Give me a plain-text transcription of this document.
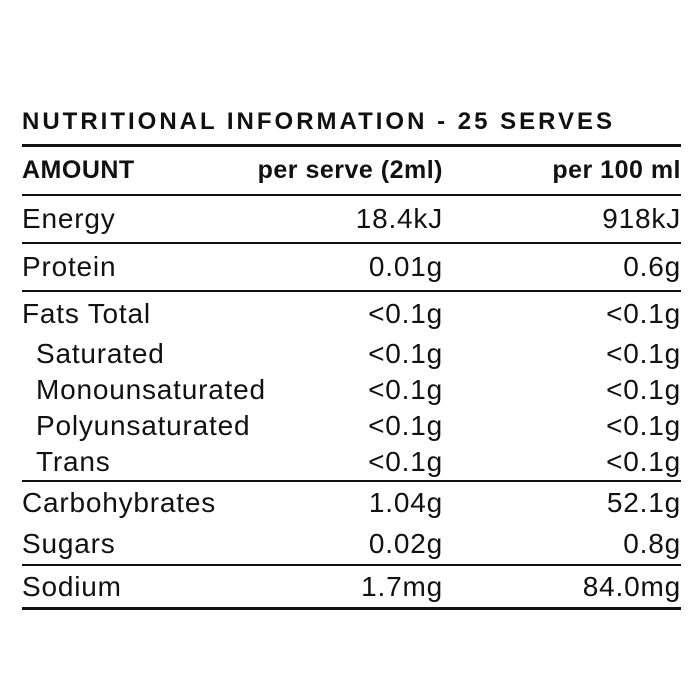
NUTRITIONAL INFORMATION - 25 SERVES
AMOUNT	per serve (2ml)	per 100 ml
Energy	18.4kJ	918kJ
Protein	0.01g	0.6g
Fats Total	<0.1g	<0.1g
Saturated	<0.1g	<0.1g
Monounsaturated	<0.1g	<0.1g
Polyunsaturated	<0.1g	<0.1g
Trans	<0.1g	<0.1g
Carbohybrates	1.04g	52.1g
Sugars	0.02g	0.8g
Sodium	1.7mg	84.0mg
